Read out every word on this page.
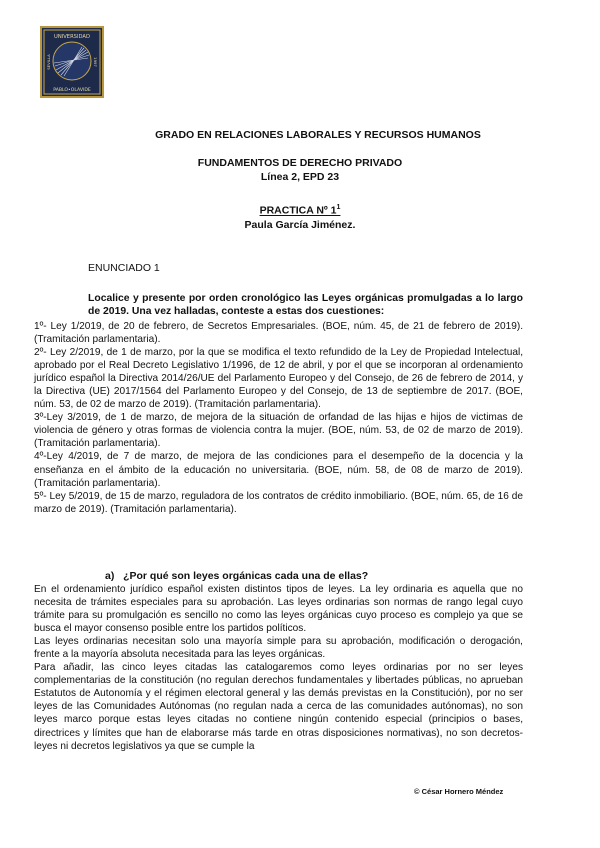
UNIVERSIDAD
PABLO•OLAVIDE
SEVILLA	1997
GRADO EN RELACIONES LABORALES Y RECURSOS HUMANOS
FUNDAMENTOS DE DERECHO PRIVADO
Línea 2, EPD 23
PRACTICA Nº $1^1$
Paula García Jiménez.
ENUNCIADO 1
Localice y presente por orden cronológico las Leyes orgánicas promulgadas a lo largo de 2019. Una vez halladas, conteste a estas dos cuestiones:

1º- Ley 1/2019, de 20 de febrero, de Secretos Empresariales. (BOE, núm. 45, de 21 de febrero de 2019). (Tramitación parlamentaria).

2º- Ley 2/2019, de 1 de marzo, por la que se modifica el texto refundido de la Ley de Propiedad Intelectual, aprobado por el Real Decreto Legislativo 1/1996, de 12 de abril, y por el que se incorporan al ordenamiento jurídico español la Directiva 2014/26/UE del Parlamento Europeo y del Consejo, de 26 de febrero de 2014, y la Directiva (UE) 2017/1564 del Parlamento Europeo y del Consejo, de 13 de septiembre de 2017. (BOE, núm. 53, de 02 de marzo de 2019). (Tramitación parlamentaria).

3º-Ley 3/2019, de 1 de marzo, de mejora de la situación de orfandad de las hijas e hijos de victimas de violencia de género y otras formas de violencia contra la mujer. (BOE, núm. 53, de 02 de marzo de 2019). (Tramitación parlamentaria).

4º-Ley 4/2019, de 7 de marzo, de mejora de las condiciones para el desempeño de la docencia y la enseñanza en el ámbito de la educación no universitaria. (BOE, núm. 58, de 08 de marzo de 2019). (Tramitación parlamentaria).

5º- Ley 5/2019, de 15 de marzo, reguladora de los contratos de crédito inmobiliario. (BOE, núm. 65, de 16 de marzo de 2019). (Tramitación parlamentaria).

a)   ¿Por qué son leyes orgánicas cada una de ellas?

En el ordenamiento jurídico español existen distintos tipos de leyes. La ley ordinaria es aquella que no necesita de trámites especiales para su aprobación. Las leyes ordinarias son normas de rango legal cuyo trámite para su promulgación es sencillo no como las leyes orgánicas cuyo proceso es complejo ya que se busca el mayor consenso posible entre los partidos políticos.

Las leyes ordinarias necesitan solo una mayoría simple para su aprobación, modificación o derogación, frente a la mayoría absoluta necesitada para las leyes orgánicas.

Para añadir, las cinco leyes citadas las catalogaremos como leyes ordinarias por no ser leyes complementarias de la constitución (no regulan derechos fundamentales y libertades públicas, no aprueban Estatutos de Autonomía y el régimen electoral general y las demás previstas en la Constitución), por no ser leyes de las Comunidades Autónomas (no regulan nada a cerca de las comunidades autónomas), no son leyes marco porque estas leyes citadas no contiene ningún contenido especial (principios o bases, directrices y límites que han de elaborarse más tarde en otras disposiciones normativas), no son decretos-leyes ni decretos legislativos ya que se cumple la

© César Hornero Méndez
